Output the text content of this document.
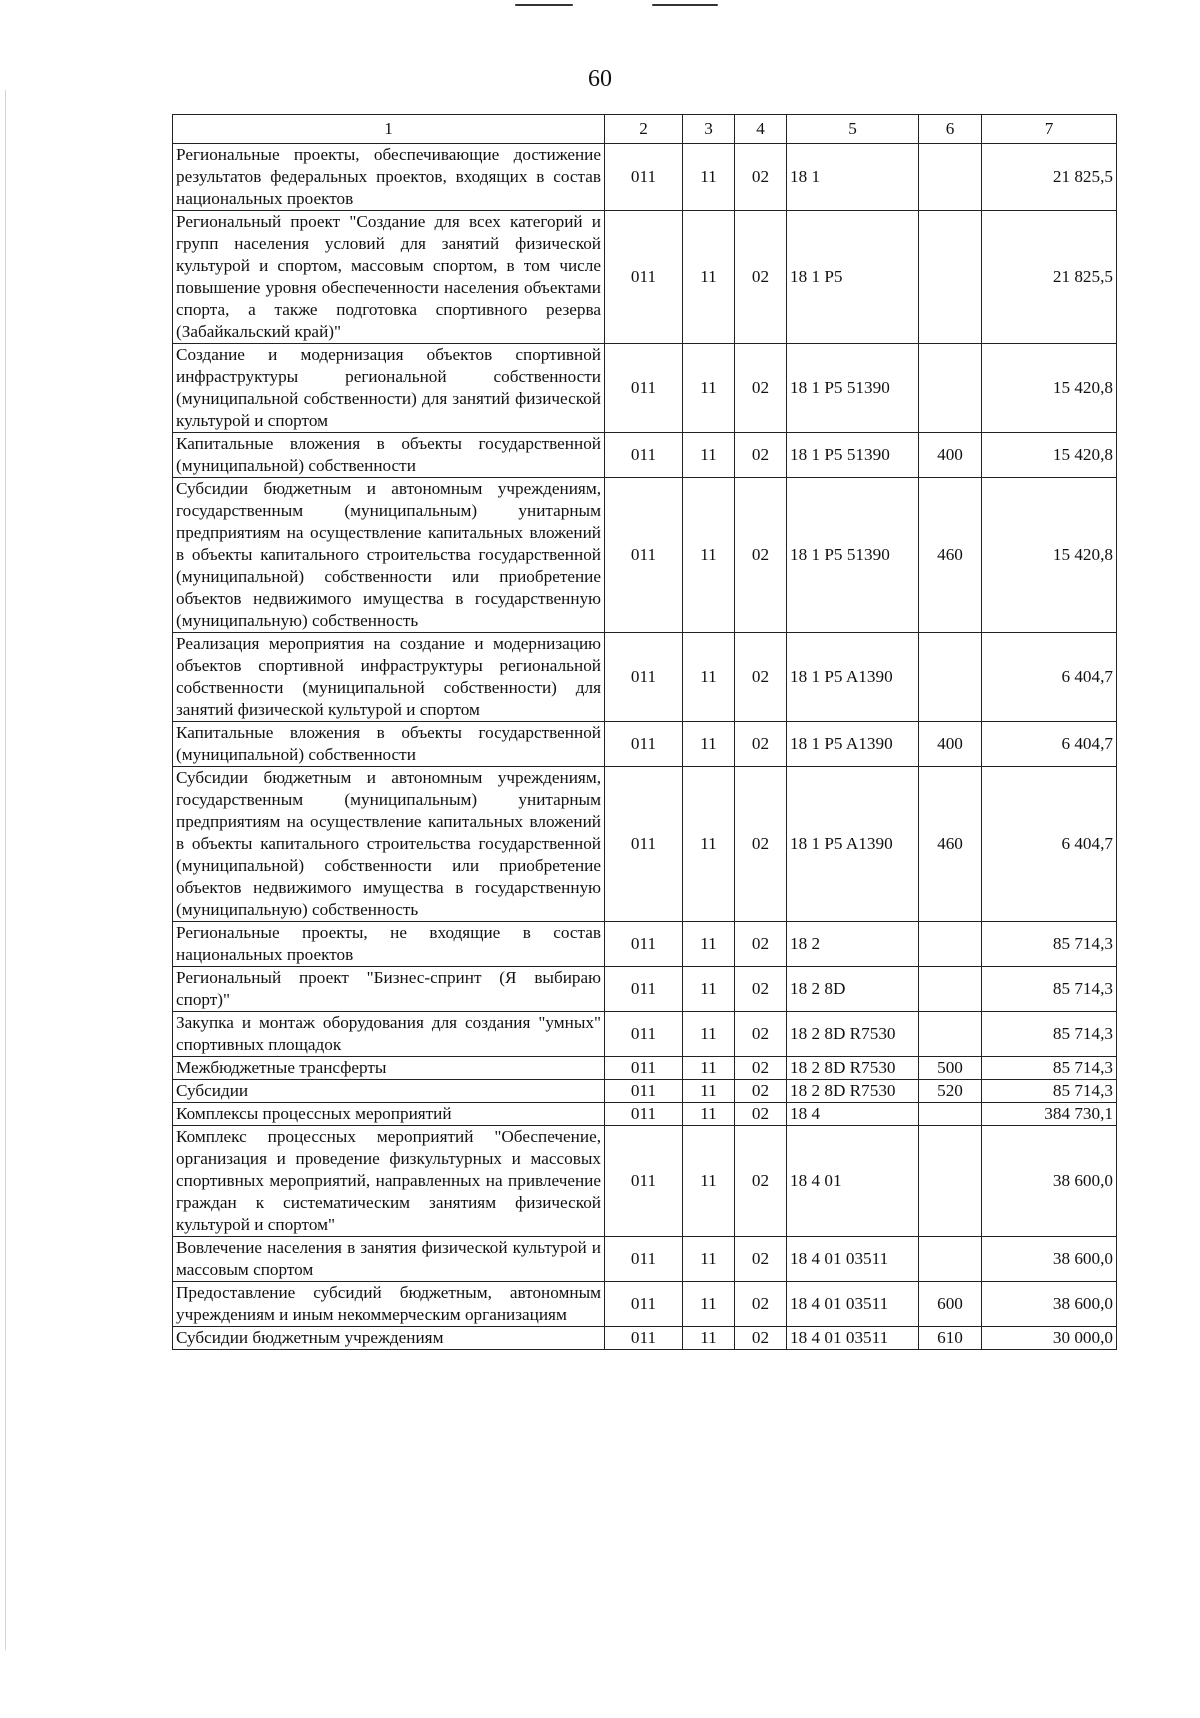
60
1	2	3	4	5	6	7
Региональные проекты, обеспечивающие достижение результатов федеральных проектов, входящих в состав национальных проектов	011	11	02	18 1		21 825,5
Региональный проект "Создание для всех категорий и групп населения условий для занятий физической культурой и спортом, массовым спортом, в том числе повышение уровня обеспеченности населения объектами спорта, а также подготовка спортивного резерва (Забайкальский край)"	011	11	02	18 1 P5		21 825,5
Создание и модернизация объектов спортивной инфраструктуры региональной собственности (муниципальной собственности) для занятий физической культурой и спортом	011	11	02	18 1 P5 51390		15 420,8
Капитальные вложения в объекты государственной (муниципальной) собственности	011	11	02	18 1 P5 51390	400	15 420,8
Субсидии бюджетным и автономным учреждениям, государственным (муниципальным) унитарным предприятиям на осуществление капитальных вложений в объекты капитального строительства государственной (муниципальной) собственности или приобретение объектов недвижимого имущества в государственную (муниципальную) собственность	011	11	02	18 1 P5 51390	460	15 420,8
Реализация мероприятия на создание и модернизацию объектов спортивной инфраструктуры региональной собственности (муниципальной собственности) для занятий физической культурой и спортом	011	11	02	18 1 P5 A1390		6 404,7
Капитальные вложения в объекты государственной (муниципальной) собственности	011	11	02	18 1 P5 A1390	400	6 404,7
Субсидии бюджетным и автономным учреждениям, государственным (муниципальным) унитарным предприятиям на осуществление капитальных вложений в объекты капитального строительства государственной (муниципальной) собственности или приобретение объектов недвижимого имущества в государственную (муниципальную) собственность	011	11	02	18 1 P5 A1390	460	6 404,7
Региональные проекты, не входящие в состав национальных проектов	011	11	02	18 2		85 714,3
Региональный проект "Бизнес-спринт (Я выбираю спорт)"	011	11	02	18 2 8D		85 714,3
Закупка и монтаж оборудования для создания "умных" спортивных площадок	011	11	02	18 2 8D R7530		85 714,3
Межбюджетные трансферты	011	11	02	18 2 8D R7530	500	85 714,3
Субсидии	011	11	02	18 2 8D R7530	520	85 714,3
Комплексы процессных мероприятий	011	11	02	18 4		384 730,1
Комплекс процессных мероприятий "Обеспечение, организация и проведение физкультурных и массовых спортивных мероприятий, направленных на привлечение граждан к систематическим занятиям физической культурой и спортом"	011	11	02	18 4 01		38 600,0
Вовлечение населения в занятия физической культурой и массовым спортом	011	11	02	18 4 01 03511		38 600,0
Предоставление субсидий бюджетным, автономным учреждениям и иным некоммерческим организациям	011	11	02	18 4 01 03511	600	38 600,0
Субсидии бюджетным учреждениям	011	11	02	18 4 01 03511	610	30 000,0
